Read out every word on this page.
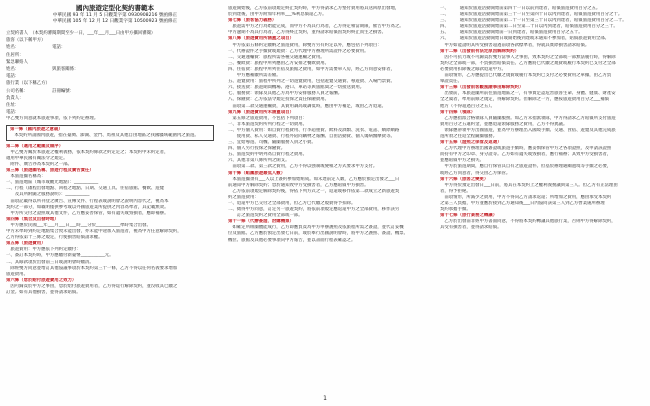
國內旅遊定型化契約書範本
中華民國 93 年 11 月 5 日觀業字第 0930908216 號函修正
中華民國 105 年 12 月 12 日觀業字第 10500923 號函修正
立契約書人　（本契約審閱期間至少一日，___年___月___日由甲方攜回審閱）
旅客（以下稱甲方）
姓名：　　　　　　　　電話：
住居所：
緊急聯絡人
姓名：　　　　　　　　與旅客關係：
電話：
旅行業（以下稱乙方）
公司名稱：　　　　　　註冊編號：
負責人：
住址：
電話：
甲乙雙方同意就本旅遊事項，依下列約定辦理。
第一條（國內旅遊之意義）
　本契約所謂國內旅遊，指在臺灣、澎湖、金門、馬祖及其他自由地區之我國疆域範圍內之旅遊。
第二條（適用之範圍及順序）
　甲乙雙方關於本旅遊之權利義務，依本契約條款之約定定之；本契約中未約定者，
適用中華民國有關法令之規定。
　附件、廣告亦為本契約之一部。
第三條（旅遊團名稱、旅遊行程及廣告責任）
　本旅遊團名稱為：
一、旅遊地區（城市或觀光地點）：___________
二、行程（啟程出發地點、回程之地點、日期、交通工具、住宿旅館、餐飲、遊覽
　　及其所附隨之服務說明）：___________
　前項記載得以所刊登之廣告、宣傳文件、行程表或說明會之說明內容代之，視為本
契約之一部分，如載明僅供參考或以外國旅遊業所提供之內容為準者，其記載無效。
　甲方所交付之證照或其他文件，乙方應妥善保管，如有遺失或毀損者，應即補辦。
第四條（集合及出發時地）
　甲方應於民國___年___月___日___時___分於___________準時集合出發。
甲方未準時到約定地點集合致未能出發，亦未能中途加入旅遊者，視為甲方任意解除契約，
乙方得依第十三條之規定，行使損害賠償請求權。
第五條（旅遊費用）
　旅遊費用：甲方應依下列約定繳付：
一、簽訂本契約時，甲方應繳付新臺幣___________元。
二、其餘款項於出發前三日或說明會時繳清。
　除經雙方同意並增訂其他協議事項於本契約第三十一條，乙方不得以任何名義要求增加
旅遊費用。
第六條（怠於給付旅遊費用之效力）
　因可歸責於甲方之事由，怠於給付旅遊費用者，乙方得逕行解除契約，並沒收其已繳之
訂金。如有其他損害，並得請求賠償。
旅遊開始後，乙方依前項規定終止契約時，甲方得請求乙方墊付費用將其送回原出發地，
於到達後，由甲方附加年利率___%利息償還乙方。
第七條（旅客協力義務）
　旅遊需甲方之行為始能完成，而甲方不為其行為者，乙方得定相當期限，催告甲方為之。
甲方逾期不為其行為者，乙方得終止契約，並得請求賠償因契約終止而生之損害。
第八條（旅遊費用所涵蓋之項目）
　甲方依第五條約定繳納之旅遊費用，除雙方另有約定以外，應包括下列項目：
一、代辦證件之手續費或規費：乙方代理甲方辦理所需證件之必要費用。
二、交通運輸費：旅程所需各種交通運輸之費用。
三、餐飲費：旅程中所列應由乙方安排之餐飲費用。
四、住宿費：旅程中所列住宿及旅館之費用，如甲方需要單人房，經乙方同意安排者，
　　甲方應補繳所需差額。
五、遊覽費用：旅程中所列之一切遊覽費用，包括遊覽交通費、導遊費、入場門票費。
六、接送費：旅遊期間機場、港口、車站等與旅館間之一切接送費用。
七、服務費：領隊及其他乙方為甲方安排服務人員之報酬。
八、保險費：乙方依法令規定投保之責任保險費用。
　前項第二款交通運輸費，其費用調高或調低時，應由甲方補足，或由乙方退還。
第九條（旅遊費用所未涵蓋項目）
　第五條之旅遊費用，不包括下列項目：
一、非本旅遊契約所列行程之一切費用。
二、甲方個人費用：如自費行程費用、行李超重費、飲料及酒類、洗衣、電話、網際網路
　　使用費、私人交通費、行程外陪同購物之報酬、自由活動費、個人傷病醫療費等。
三、宜給導遊、司機、隨團服務人員之小費。
四、個人另行投保之保險費。
五、旅遊契約中明列為自費行程之費用。
六、其他非第八條所列之開支。
　前項第二款、第三款之費用，乙方不得以強制或變相之方式要求甲方支付。
第十條（組團旅遊最低人數）
　本旅遊團須有___人以上簽約參加始組成。如未達前定人數，乙方應於預定出發之___日
前通知甲方解除契約；怠於通知致甲方受損害者，乙方應賠償甲方損害。
　乙方依前項規定解除契約後，得依下列方式之一，返還或移作依第二款成立之新旅遊契
約之旅遊費用：
一、退還甲方已交付之全部費用，但乙方已代繳之規費得予扣除。
二、徵得甲方同意，訂定另一旅遊契約，將依前項規定應返還甲方之全部費用，移作該另
　　訂之旅遊契約之費用全部或一部。
第十一條（代辦簽證、洽購機票）
　如確定所組團體能成行，乙方即應負責為甲方申辦護照及依旅程所需之簽證，並代訂妥機
位及旅館。乙方應於預定出發七日前，或於舉行出國說明會時，將甲方之護照、簽證、機票、
機位、旅館及其他必要事項向甲方報告，並以書面行程表確認之。
一、　　　通知於旅遊活動開始前第四十一日以前到達者，賠償旅遊費用百分之五。
二、　　　通知於旅遊活動開始前第三十一日至第四十日以內到達者，賠償旅遊費用百分之十。
三、　　　通知於旅遊活動開始前第二十一日至第三十日以內到達者，賠償旅遊費用百分之二十。
四、　　　通知於旅遊活動開始前第二日至第二十日以內到達者，賠償旅遊費用百分之三十。
五、　　　通知於旅遊活動開始前一日到達者，賠償旅遊費用百分之五十。
六、　　　通知於旅遊活動開始日或開始後到達或未通知不參加者，賠償旅遊費用全部。
　甲方如能證明其所受損害超過前項各款標準者，得就其實際損害請求賠償。
第十二條（出發前有法定原因解除契約）
　因不可抗力或不可歸責於雙方當事人之事由，致本契約之全部或一部無法履行時，得解除
契約之全部或一部，不負損害賠償責任。乙方應將已代繳之規費或履行本契約已支付之全部
必要費用扣除後之餘款退還甲方。
　前項情形，乙方應提出已代繳之規費或履行本契約已支付之必要費用之單據，由乙方負
舉證責任。
第十三條（出發前客觀風險事由解除契約）
　出發前，本旅遊團所前往旅遊地區之一，有事實足認危害旅客生命、身體、健康、財產安
全之虞者，準用前條之規定，得解除契約。但解除之一方，應按旅遊費用百分之___補償
他方（不得超過百分之五）。
第十四條（領隊）
　乙方應指派合格領隊人員隨團服務。如乙方未指派領隊，甲方得請求乙方賠償所支付旅遊
費用百分之五違約金，並應退還領隊服務之費用，乙方不得異議。
　領隊應帶領甲方出國旅遊，並為甲方辦理出入國境手續、交通、食宿、遊覽及其他完成旅
遊所須之往返全程隨團服務。
第十五條（證照之保管及返還）
　乙方代理甲方辦理出國簽證或旅遊手續時，應妥慎保管甲方之各項證照，及申請該證照
而持有甲方之印章、身分證等。乙方如有遺失或毀損者，應行補辦；其致甲方受損害者，
並應賠償甲方之損失。
　甲方於旅遊期間，應自行保管其自有之旅遊證件。但基於辦理通關過境等手續之必要，
或經乙方同意者，得交由乙方保管。
第十六條（旅客之變更）
　甲方得於預定出發日___日前，將其在本契約上之權利義務讓與第三人。但乙方有正當理由
者，得予拒絕。
　前項情形，所減少之費用，甲方不得向乙方請求返還；所增加之費用，應由承受本契約
之第三人負擔，甲方並應於接到乙方通知後___日內協同該第三人到乙方營業處所辦理
契約承擔手續。
第十七條（旅行業務之轉讓）
　乙方於出發前非經甲方書面同意，不得將本契約轉讓其他旅行業，否則甲方得解除契約，
其受有損害者，並得請求賠償。
1
